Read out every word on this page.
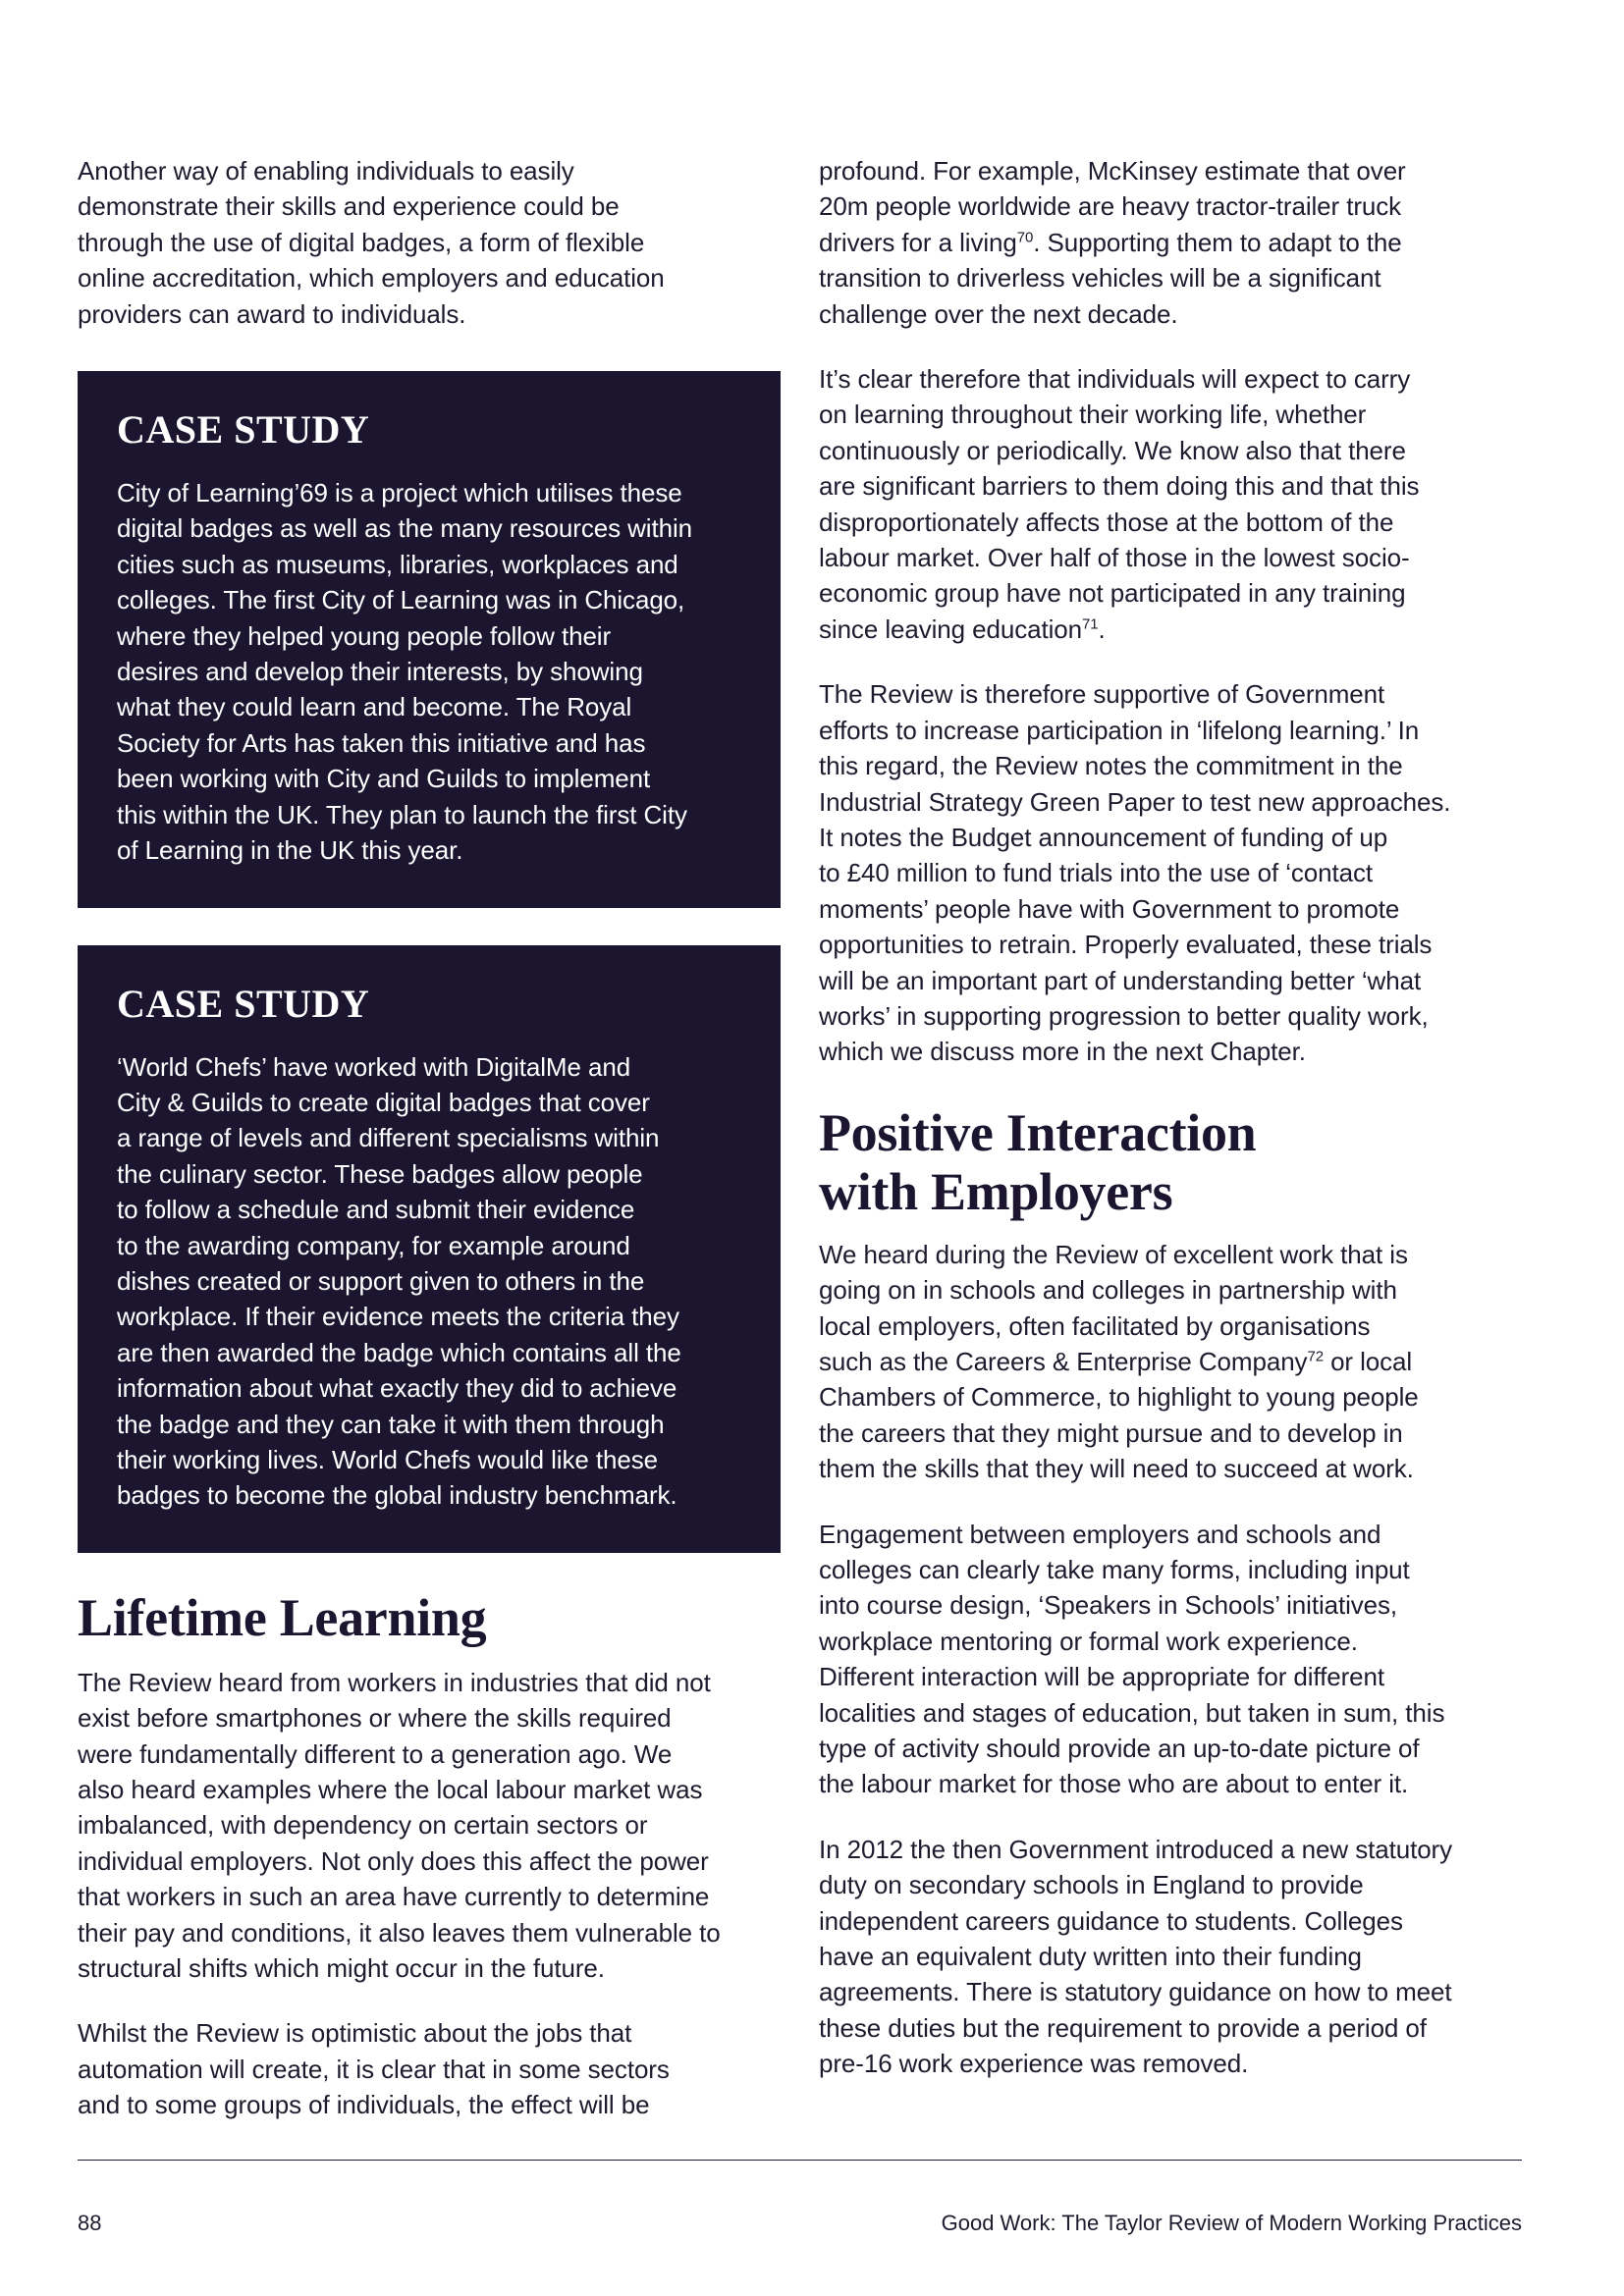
Another way of enabling individuals to easily
demonstrate their skills and experience could be
through the use of digital badges, a form of flexible
online accreditation, which employers and education
providers can award to individuals.

CASE STUDY

City of Learning’69 is a project which utilises these
digital badges as well as the many resources within
cities such as museums, libraries, workplaces and
colleges. The first City of Learning was in Chicago,
where they helped young people follow their
desires and develop their interests, by showing
what they could learn and become. The Royal
Society for Arts has taken this initiative and has
been working with City and Guilds to implement
this within the UK. They plan to launch the first City
of Learning in the UK this year.

CASE STUDY

‘World Chefs’ have worked with DigitalMe and
City & Guilds to create digital badges that cover
a range of levels and different specialisms within
the culinary sector. These badges allow people
to follow a schedule and submit their evidence
to the awarding company, for example around
dishes created or support given to others in the
workplace. If their evidence meets the criteria they
are then awarded the badge which contains all the
information about what exactly they did to achieve
the badge and they can take it with them through
their working lives. World Chefs would like these
badges to become the global industry benchmark.

Lifetime Learning

The Review heard from workers in industries that did not
exist before smartphones or where the skills required
were fundamentally different to a generation ago. We
also heard examples where the local labour market was
imbalanced, with dependency on certain sectors or
individual employers. Not only does this affect the power
that workers in such an area have currently to determine
their pay and conditions, it also leaves them vulnerable to
structural shifts which might occur in the future.

Whilst the Review is optimistic about the jobs that
automation will create, it is clear that in some sectors
and to some groups of individuals, the effect will be

profound. For example, McKinsey estimate that over
20m people worldwide are heavy tractor-trailer truck
drivers for a living$^{70}$. Supporting them to adapt to the
transition to driverless vehicles will be a significant
challenge over the next decade.

It’s clear therefore that individuals will expect to carry
on learning throughout their working life, whether
continuously or periodically. We know also that there
are significant barriers to them doing this and that this
disproportionately affects those at the bottom of the
labour market. Over half of those in the lowest socio-
economic group have not participated in any training
since leaving education$^{71}$.

The Review is therefore supportive of Government
efforts to increase participation in ‘lifelong learning.’ In
this regard, the Review notes the commitment in the
Industrial Strategy Green Paper to test new approaches.
It notes the Budget announcement of funding of up
to £40 million to fund trials into the use of ‘contact
moments’ people have with Government to promote
opportunities to retrain. Properly evaluated, these trials
will be an important part of understanding better ‘what
works’ in supporting progression to better quality work,
which we discuss more in the next Chapter.

Positive Interaction
with Employers

We heard during the Review of excellent work that is
going on in schools and colleges in partnership with
local employers, often facilitated by organisations
such as the Careers & Enterprise Company$^{72}$ or local
Chambers of Commerce, to highlight to young people
the careers that they might pursue and to develop in
them the skills that they will need to succeed at work.

Engagement between employers and schools and
colleges can clearly take many forms, including input
into course design, ‘Speakers in Schools’ initiatives,
workplace mentoring or formal work experience.
Different interaction will be appropriate for different
localities and stages of education, but taken in sum, this
type of activity should provide an up-to-date picture of
the labour market for those who are about to enter it.

In 2012 the then Government introduced a new statutory
duty on secondary schools in England to provide
independent careers guidance to students. Colleges
have an equivalent duty written into their funding
agreements. There is statutory guidance on how to meet
these duties but the requirement to provide a period of
pre-16 work experience was removed.

88	Good Work: The Taylor Review of Modern Working Practices
